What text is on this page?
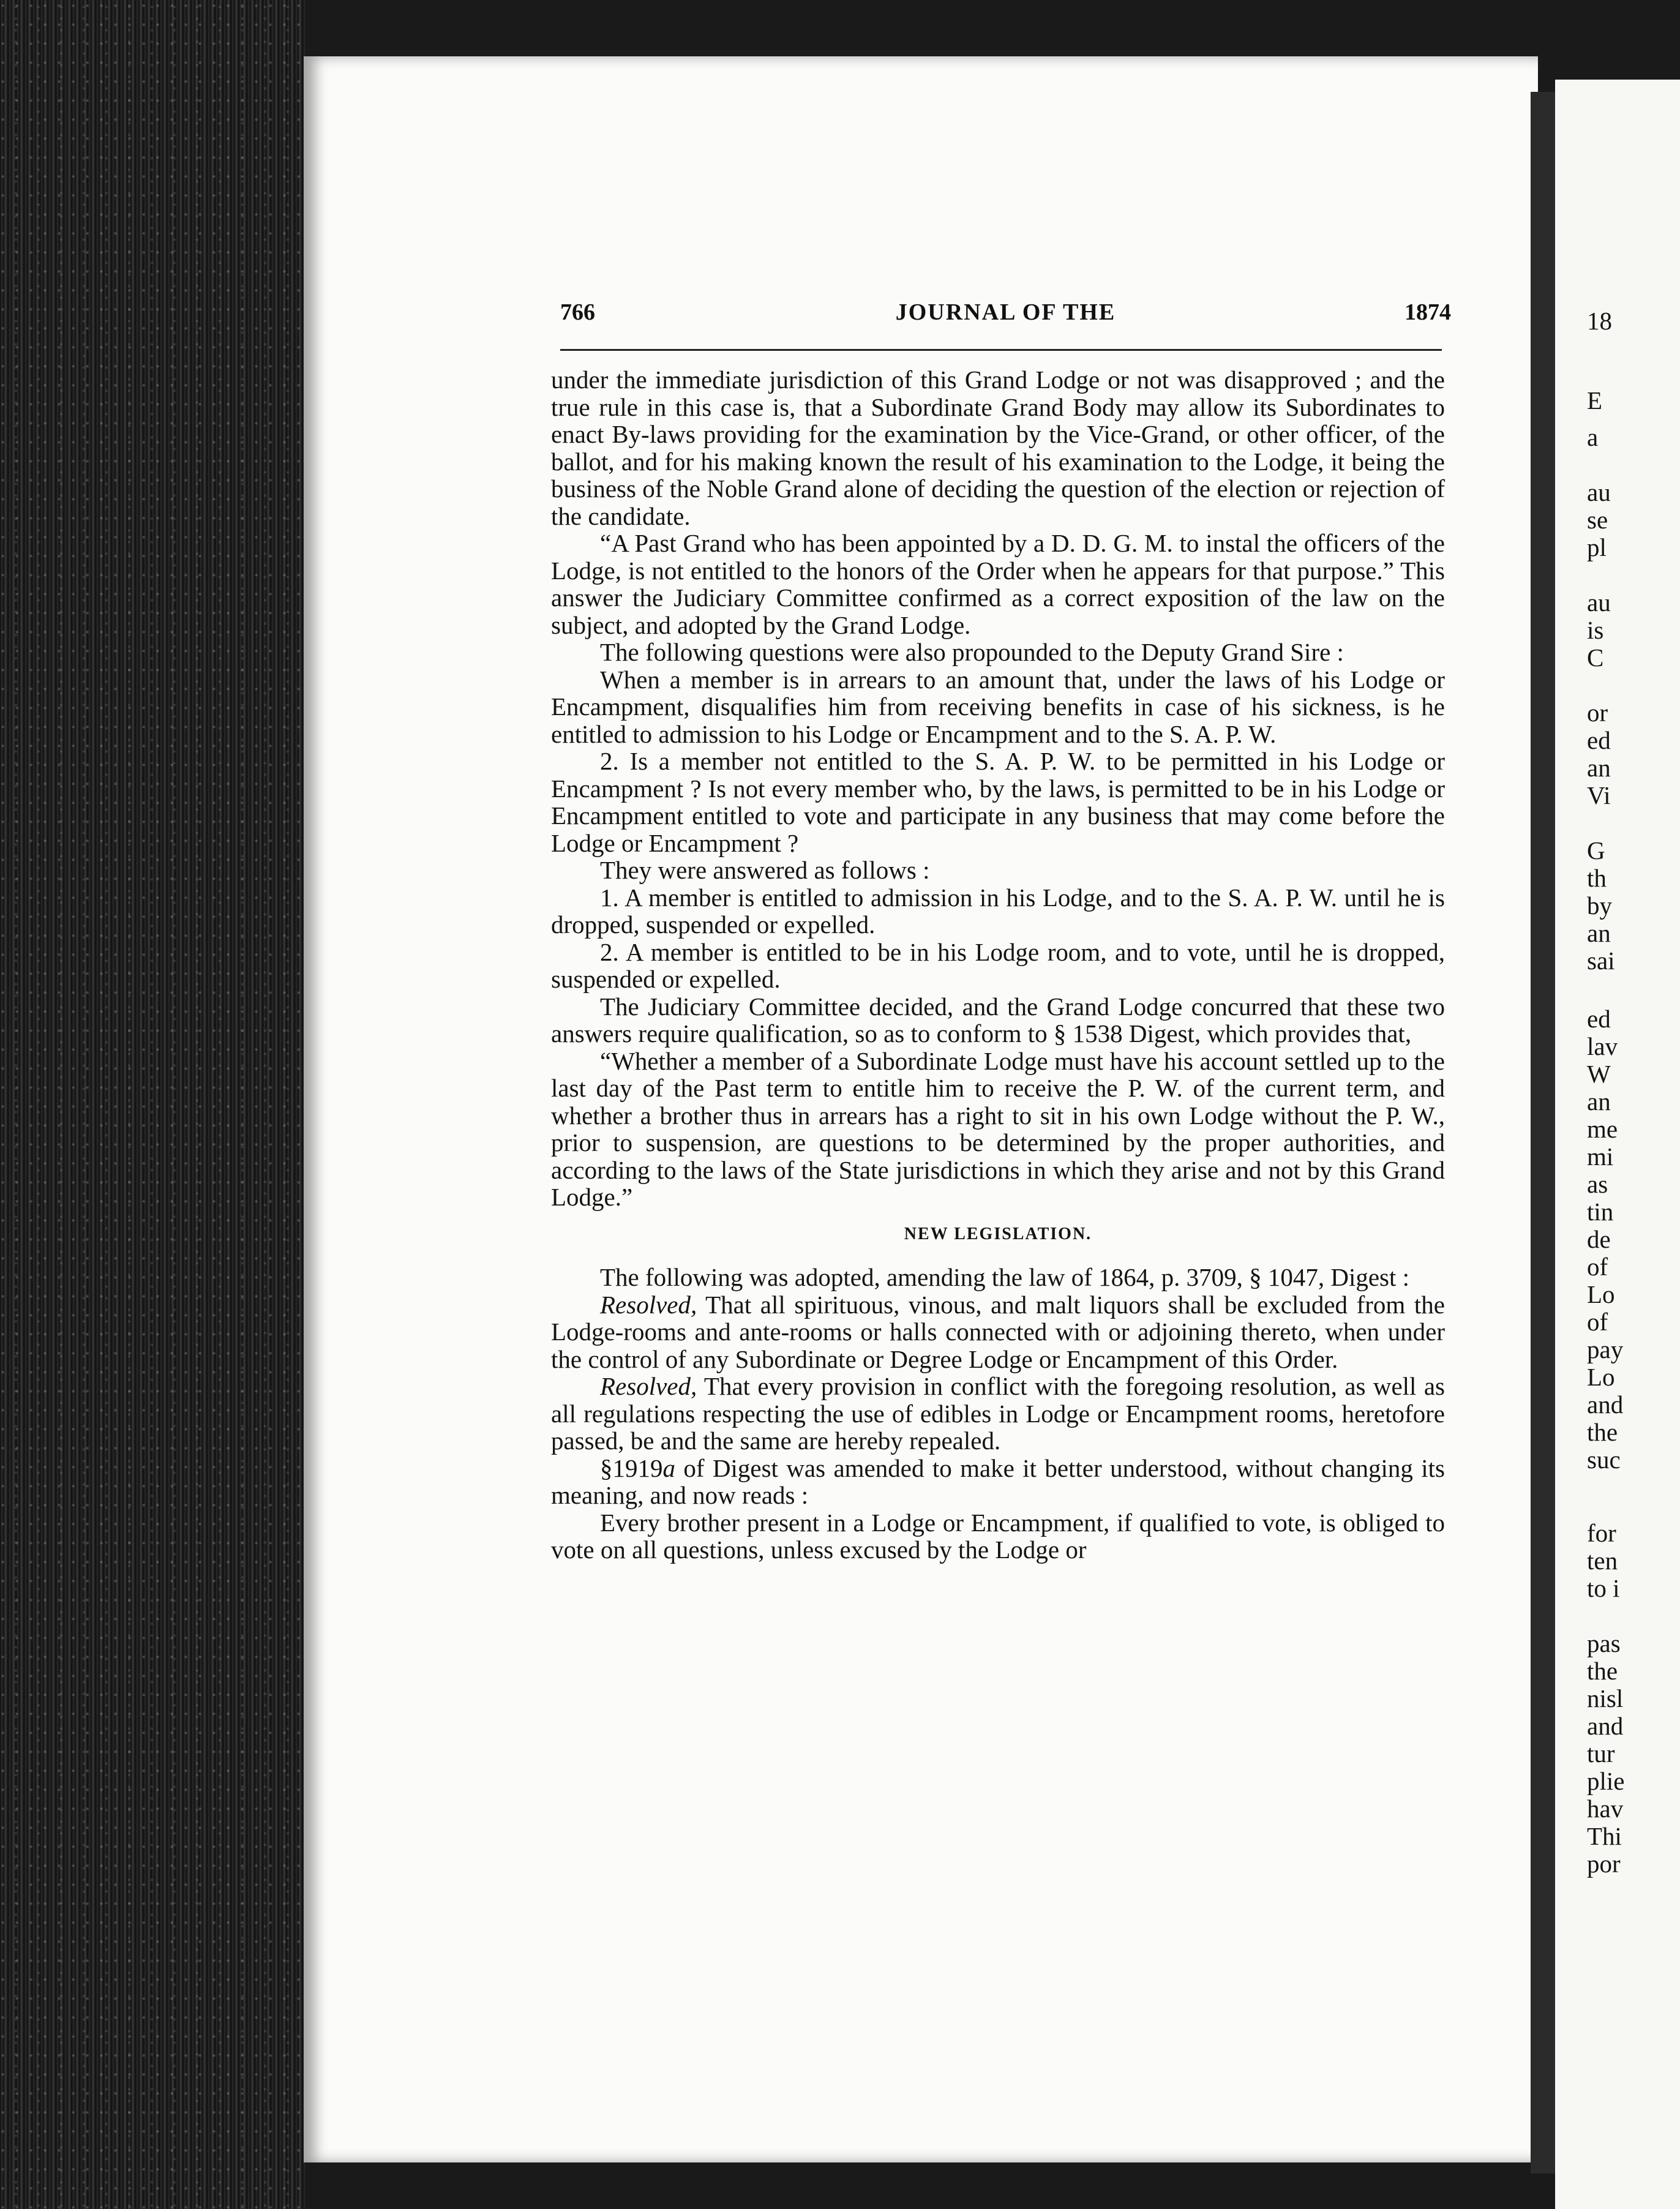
766	JOURNAL OF THE	1874

under the immediate jurisdiction of this Grand Lodge or not was disapproved ; and the true rule in this case is, that a Subordinate Grand Body may allow its Subordinates to enact By-laws providing for the examination by the Vice-Grand, or other officer, of the ballot, and for his making known the result of his examination to the Lodge, it being the business of the Noble Grand alone of deciding the question of the election or rejection of the candidate.

“A Past Grand who has been appointed by a D. D. G. M. to instal the officers of the Lodge, is not entitled to the honors of the Order when he appears for that purpose.” This answer the Judiciary Committee confirmed as a correct exposition of the law on the subject, and adopted by the Grand Lodge.

The following questions were also propounded to the Deputy Grand Sire :

When a member is in arrears to an amount that, under the laws of his Lodge or Encampment, disqualifies him from receiving benefits in case of his sickness, is he entitled to admission to his Lodge or Encampment and to the S. A. P. W.

2. Is a member not entitled to the S. A. P. W. to be permitted in his Lodge or Encampment ? Is not every member who, by the laws, is permitted to be in his Lodge or Encampment entitled to vote and participate in any business that may come before the Lodge or Encampment ?

They were answered as follows :

1. A member is entitled to admission in his Lodge, and to the S. A. P. W. until he is dropped, suspended or expelled.

2. A member is entitled to be in his Lodge room, and to vote, until he is dropped, suspended or expelled.

The Judiciary Committee decided, and the Grand Lodge concurred that these two answers require qualification, so as to conform to § 1538 Digest, which provides that,

“Whether a member of a Subordinate Lodge must have his account settled up to the last day of the Past term to entitle him to receive the P. W. of the current term, and whether a brother thus in arrears has a right to sit in his own Lodge without the P. W., prior to suspension, are questions to be determined by the proper authorities, and according to the laws of the State jurisdictions in which they arise and not by this Grand Lodge.”

NEW LEGISLATION.

The following was adopted, amending the law of 1864, p. 3709, § 1047, Digest :

Resolved, That all spirituous, vinous, and malt liquors shall be excluded from the Lodge-rooms and ante-rooms or halls connected with or adjoining thereto, when under the control of any Subordinate or Degree Lodge or Encampment of this Order.

Resolved, That every provision in conflict with the foregoing resolution, as well as all regulations respecting the use of edibles in Lodge or Encampment rooms, heretofore passed, be and the same are hereby repealed.

§1919a of Digest was amended to make it better understood, without changing its meaning, and now reads :

Every brother present in a Lodge or Encampment, if qualified to vote, is obliged to vote on all questions, unless excused by the Lodge or

18
E
a
au
se
pl
au
is
C
or
ed
an
Vi
G
th
by
an
sai
ed
lav
W
an
me
mi
as
tin
de
of
Lo
of
pay
Lo
and
the
suc
for
ten
to i
pas
the
nisl
and
tur
plie
hav
Thi
por
